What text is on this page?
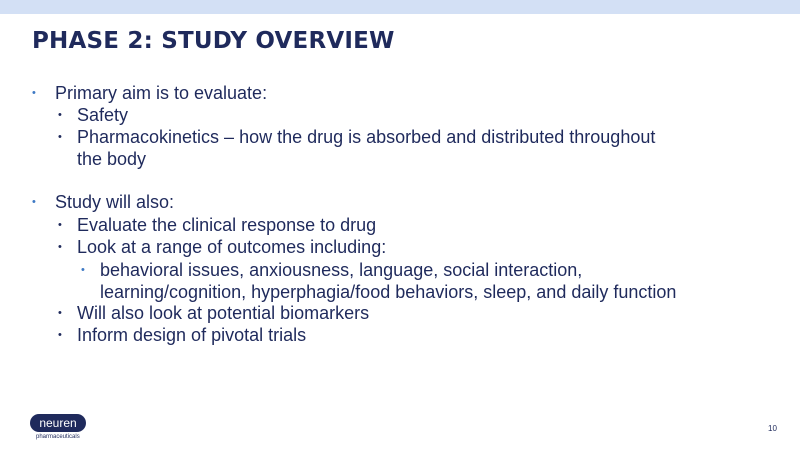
PHASE 2: STUDY OVERVIEW
• Primary aim is to evaluate:
• Safety
• Pharmacokinetics – how the drug is absorbed and distributed throughout
the body
• Study will also:
• Evaluate the clinical response to drug
• Look at a range of outcomes including:
• behavioral issues, anxiousness, language, social interaction,
learning/cognition, hyperphagia/food behaviors, sleep, and daily function
• Will also look at potential biomarkers
• Inform design of pivotal trials
neuren
pharmaceuticals
10
